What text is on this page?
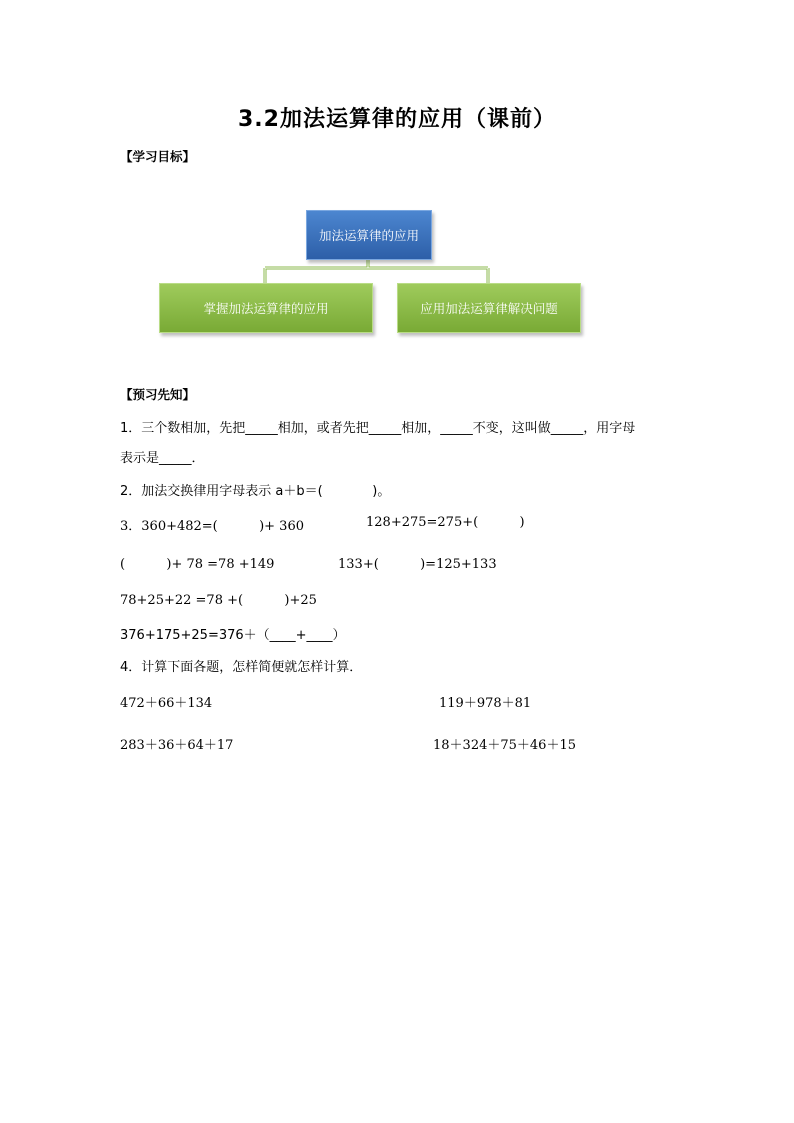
3.2加法运算律的应用（课前）
【学习目标】
加法运算律的应用
掌握加法运算律的应用	应用加法运算律解决问题
【预习先知】
1．三个数相加，先把_____相加，或者先把_____相加，_____不变，这叫做_____，用字母
表示是_____．
2．加法交换律用字母表示 a＋b＝(            )。
3．360+482=(          )+ 360	128+275=275+(          )
(          )+ 78 =78 +149	133+(          )=125+133
78+25+22 =78 +(          )+25
376+175+25=376＋（____+____）
4．计算下面各题，怎样简便就怎样计算．
472＋66＋134	119＋978＋81
283＋36＋64＋17	18＋324＋75＋46＋15
